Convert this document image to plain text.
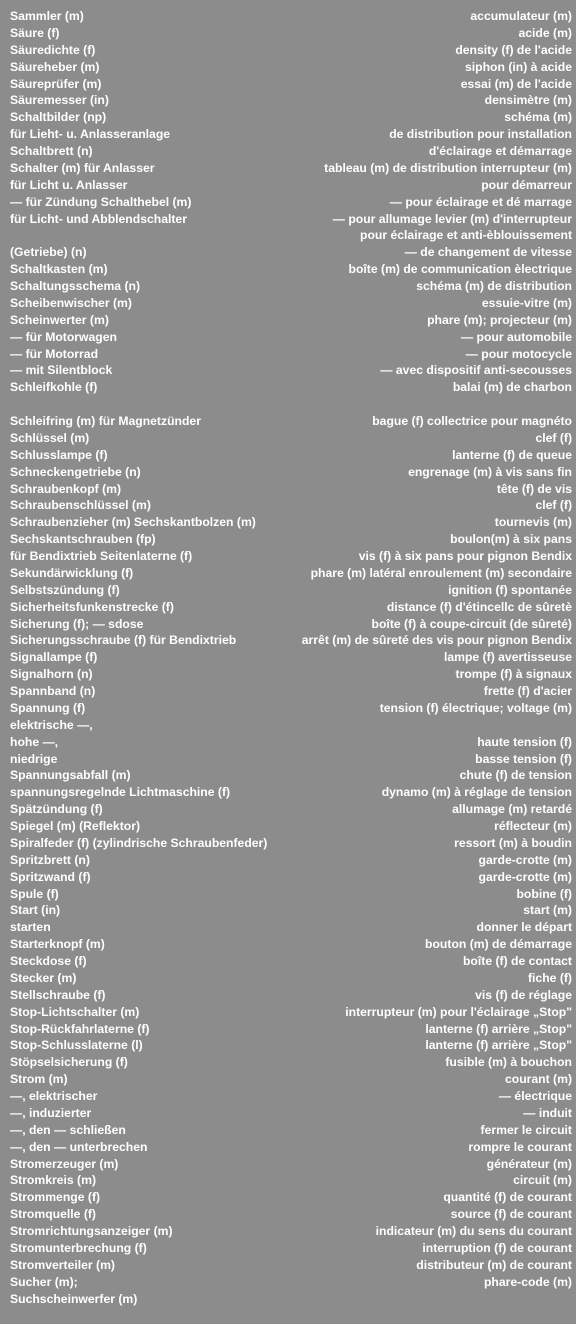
Sammler (m)	accumulateur (m)
Säure (f)	acide (m)
Säuredichte (f)	density (f) de l'acide
Säureheber (m)	siphon (in) à acide
Säureprüfer (m)	essai (m) de l'acide
Säuremesser (in)	densimètre (m)
Schaltbilder (np)	schéma (m)
für Lieht- u. Anlasseranlage	de distribution pour installation
Schaltbrett (n)	d'éclairage et démarrage
Schalter (m) für Anlasser	tableau (m) de distribution interrupteur (m)
für Licht u. Anlasser	pour démarreur
— für Zündung Schalthebel (m)	— pour éclairage et dé marrage
für Licht- und Abblendschalter	— pour allumage levier (m) d'interrupteur
pour éclairage et anti-èblouissement
(Getriebe) (n)	— de changement de vitesse
Schaltkasten (m)	boîte (m) de communication èlectrique
Schaltungsschema (n)	schéma (m) de distribution
Scheibenwischer (m)	essuie-vitre (m)
Scheinwerter (m)	phare (m); projecteur (m)
— für Motorwagen	— pour automobile
— für Motorrad	— pour motocycle
— mit Silentblock	— avec dispositif anti-secousses
Schleifkohle (f)	balai (m) de charbon
Schleifring (m) für Magnetzünder	bague (f) collectrice pour magnéto
Schlüssel (m)	clef (f)
Schlusslampe (f)	lanterne (f) de queue
Schneckengetriebe (n)	engrenage (m) à vis sans fin
Schraubenkopf (m)	tête (f) de vis
Schraubenschlüssel (m)	clef (f)
Schraubenzieher (m) Sechskantbolzen (m)	tournevis (m)
Sechskantschrauben (fp)	boulon(m) à six pans
für Bendixtrieb Seitenlaterne (f)	vis (f) à six pans pour pignon Bendix
Sekundärwicklung (f)	phare (m) latéral enroulement (m) secondaire
Selbstszündung (f)	ignition (f) spontanée
Sicherheitsfunkenstrecke (f)	distance (f) d'étincellc de sûretè
Sicherung (f); — sdose	boîte (f) à coupe-circuit (de sûreté)
Sicherungsschraube (f) für Bendixtrieb	arrêt (m) de sûreté des vis pour pignon Bendix
Signallampe (f)	lampe (f) avertisseuse
Signalhorn (n)	trompe (f) à signaux
Spannband (n)	frette (f) d'acier
Spannung (f)	tension (f) électrique; voltage (m)
elektrische —,
hohe —,	haute tension (f)
niedrige	basse tension (f)
Spannungsabfall (m)	chute (f) de tension
spannungsregelnde Lichtmaschine (f)	dynamo (m) à réglage de tension
Spätzündung (f)	allumage (m) retardé
Spiegel (m) (Reflektor)	réflecteur (m)
Spiralfeder (f) (zylindrische Schraubenfeder)	ressort (m) à boudin
Spritzbrett (n)	garde-crotte (m)
Spritzwand (f)	garde-crotte (m)
Spule (f)	bobine (f)
Start (in)	start (m)
starten	donner le départ
Starterknopf (m)	bouton (m) de démarrage
Steckdose (f)	boîte (f) de contact
Stecker (m)	fiche (f)
Stellschraube (f)	vis (f) de réglage
Stop-Lichtschalter (m)	interrupteur (m) pour l'éclairage „Stop"
Stop-Rückfahrlaterne (f)	lanterne (f) arrière „Stop"
Stop-Schlusslaterne (l)	lanterne (f) arrière „Stop"
Stöpselsicherung (f)	fusible (m) à bouchon
Strom (m)	courant (m)
—, elektrischer	— électrique
—, induzierter	— induit
—, den — schließen	fermer le circuit
—, den — unterbrechen	rompre le courant
Stromerzeuger (m)	générateur (m)
Stromkreis (m)	circuit (m)
Strommenge (f)	quantité (f) de courant
Stromquelle (f)	source (f) de courant
Stromrichtungsanzeiger (m)	indicateur (m) du sens du courant
Stromunterbrechung (f)	interruption (f) de courant
Stromverteiler (m)	distributeur (m) de courant
Sucher (m);	phare-code (m)
Suchscheinwerfer (m)
